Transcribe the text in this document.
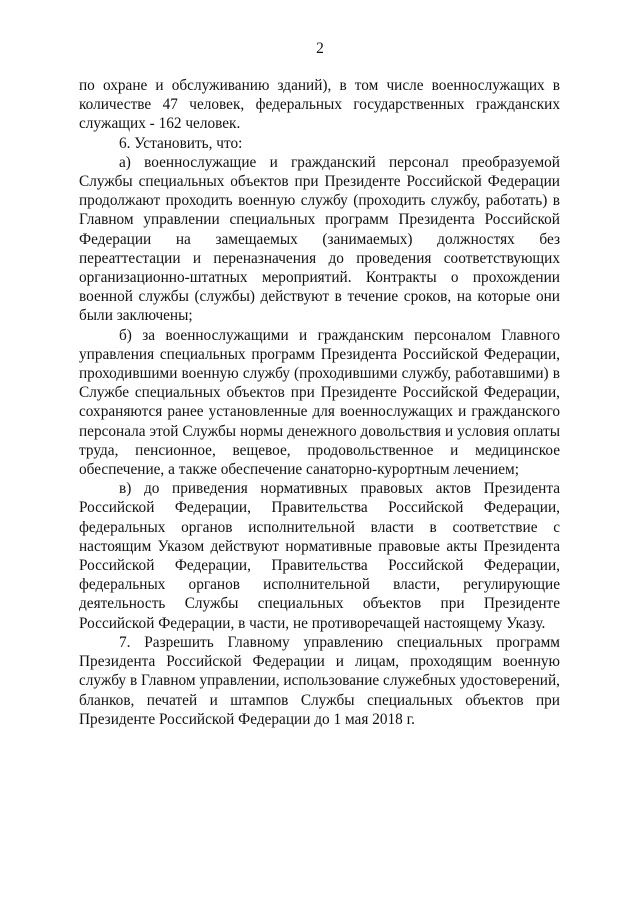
2

по охране и обслуживанию зданий), в том числе военнослужащих в количестве 47 человек, федеральных государственных гражданских служащих - 162 человек.

6. Установить, что:

а) военнослужащие и гражданский персонал преобразуемой Службы специальных объектов при Президенте Российской Федерации продолжают проходить военную службу (проходить службу, работать) в Главном управлении специальных программ Президента Российской Федерации на замещаемых (занимаемых) должностях без переаттестации и переназначения до проведения соответствующих организационно-штатных мероприятий. Контракты о прохождении военной службы (службы) действуют в течение сроков, на которые они были заключены;

б) за военнослужащими и гражданским персоналом Главного управления специальных программ Президента Российской Федерации, проходившими военную службу (проходившими службу, работавшими) в Службе специальных объектов при Президенте Российской Федерации, сохраняются ранее установленные для военнослужащих и гражданского персонала этой Службы нормы денежного довольствия и условия оплаты труда, пенсионное, вещевое, продовольственное и медицинское обеспечение, а также обеспечение санаторно-курортным лечением;

в) до приведения нормативных правовых актов Президента Российской Федерации, Правительства Российской Федерации, федеральных органов исполнительной власти в соответствие с настоящим Указом действуют нормативные правовые акты Президента Российской Федерации, Правительства Российской Федерации, федеральных органов исполнительной власти, регулирующие деятельность Службы специальных объектов при Президенте Российской Федерации, в части, не противоречащей настоящему Указу.

7. Разрешить Главному управлению специальных программ Президента Российской Федерации и лицам, проходящим военную службу в Главном управлении, использование служебных удостоверений, бланков, печатей и штампов Службы специальных объектов при Президенте Российской Федерации до 1 мая 2018 г.
